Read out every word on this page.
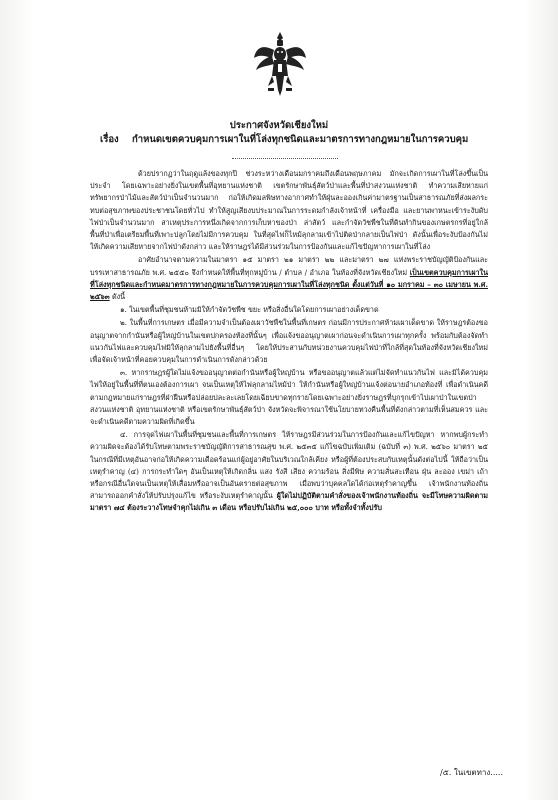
ประกาศจังหวัดเชียงใหม่
เรื่อง กำหนดเขตควบคุมการเผาในที่โล่งทุกชนิดและมาตรการทางกฎหมายในการควบคุม

ด้วยปรากฏว่าในฤดูแล้งของทุกปี ช่วงระหว่างเดือนมกราคมถึงเดือนพฤษภาคม มักจะเกิดการเผาในที่โล่งขึ้นเป็นประจำ โดยเฉพาะอย่างยิ่งในเขตพื้นที่อุทยานแห่งชาติ เขตรักษาพันธุ์สัตว์ป่าและพื้นที่ป่าสงวนแห่งชาติ ทำความเสียหายแก่ทรัพยากรป่าไม้และสัตว์ป่าเป็นจำนวนมาก ก่อให้เกิดมลพิษทางอากาศทำให้ฝุ่นละอองเกินค่ามาตรฐานเป็นสาธารณภัยที่ส่งผลกระทบต่อสุขภาพของประชาชนโดยทั่วไป ทำให้สูญเสียงบประมาณในการระดมกำลังเจ้าหน้าที่ เครื่องมือ และยานพาหนะเข้าระงับดับไฟป่าเป็นจำนวนมาก สาเหตุประการหนึ่งเกิดจากการเก็บหาของป่า ล่าสัตว์ และกำจัดวัชพืชในที่ดินทำกินของเกษตรกรที่อยู่ใกล้พื้นที่ป่าเพื่อเตรียมพื้นที่เพาะปลูกโดยไม่มีการควบคุม ในที่สุดไฟก็ไหม้ลุกลามเข้าไปติดป่ากลายเป็นไฟป่า ดังนั้นเพื่อระงับป้องกันไม่ให้เกิดความเสียหายจากไฟป่าดังกล่าว และให้ราษฎรได้มีส่วนร่วมในการป้องกันและแก้ไขปัญหาการเผาในที่โล่ง

อาศัยอำนาจตามความในมาตรา ๑๕ มาตรา ๒๑ มาตรา ๒๒ และมาตรา ๒๗ แห่งพระราชบัญญัติป้องกันและบรรเทาสาธารณภัย พ.ศ. ๒๕๕๐ จึงกำหนดให้พื้นที่ทุกหมู่บ้าน / ตำบล / อำเภอ ในท้องที่จังหวัดเชียงใหม่ เป็นเขตควบคุมการเผาในที่โล่งทุกชนิดและกำหนดมาตรการทางกฎหมายในการควบคุมการเผาในที่โล่งทุกชนิด ตั้งแต่วันที่ ๑๐ มกราคม – ๓๐ เมษายน พ.ศ. ๒๕๖๓ ดังนี้

๑. ในเขตพื้นที่ชุมชนห้ามมิให้กำจัดวัชพืช ขยะ หรือสิ่งอื่นใดโดยการเผาอย่างเด็ดขาด

๒. ในพื้นที่การเกษตร เมื่อมีความจำเป็นต้องเผาวัชพืชในพื้นที่เกษตร ก่อนมีการประกาศห้ามเผาเด็ดขาด ให้ราษฎรต้องขออนุญาตจากกำนันหรือผู้ใหญ่บ้านในเขตปกครองท้องที่นั้นๆ เพื่อแจ้งขออนุญาตเผาก่อนจะดำเนินการเผาทุกครั้ง พร้อมกับต้องจัดทำแนวกันไฟและควบคุมไฟมิให้ลุกลามไปยังพื้นที่อื่นๆ โดยให้ประสานกับหน่วยงานควบคุมไฟป่าที่ใกล้ที่สุดในท้องที่จังหวัดเชียงใหม่ เพื่อจัดเจ้าหน้าที่คอยควบคุมในการดำเนินการดังกล่าวด้วย

๓. หากราษฎรผู้ใดไม่แจ้งขออนุญาตต่อกำนันหรือผู้ใหญ่บ้าน หรือขออนุญาตแล้วแต่ไม่จัดทำแนวกันไฟ และมิได้ควบคุมไฟให้อยู่ในพื้นที่ที่ตนเองต้องการเผา จนเป็นเหตุให้ไฟลุกลามไหม้ป่า ให้กำนันหรือผู้ใหญ่บ้านแจ้งต่อนายอำเภอท้องที่ เพื่อดำเนินคดีตามกฎหมายแก่ราษฎรที่ฝ่าฝืนหรือปล่อยปละละเลยโดยเฉียบขาดทุกรายโดยเฉพาะอย่างยิ่งราษฎรที่บุกรุกเข้าไปเผาป่าในเขตป่าสงวนแห่งชาติ อุทยานแห่งชาติ หรือเขตรักษาพันธุ์สัตว์ป่า จังหวัดจะพิจารณาใช้นโยบายทวงคืนพื้นที่ดังกล่าวตามที่เห็นสมควร และจะดำเนินคดีตามความผิดที่เกิดขึ้น

๔. การจุดไฟเผาในพื้นที่ชุมชนและพื้นที่การเกษตร ให้ราษฎรมีส่วนร่วมในการป้องกันและแก้ไขปัญหา หากพบผู้กระทำความผิดจะต้องได้รับโทษตามพระราชบัญญัติการสาธารณสุข พ.ศ. ๒๕๓๕ แก้ไขฉบับเพิ่มเติม (ฉบับที่ ๓) พ.ศ. ๒๕๖๐ มาตรา ๒๕ ในกรณีที่มีเหตุอันอาจก่อให้เกิดความเดือดร้อนแก่ผู้อยู่อาศัยในบริเวณใกล้เคียง หรือผู้ที่ต้องประสบกับเหตุนั้นดังต่อไปนี้ ให้ถือว่าเป็นเหตุรำคาญ (๔) การกระทำใดๆ อันเป็นเหตุให้เกิดกลิ่น แสง รังสี เสียง ความร้อน สิ่งมีพิษ ความสั่นสะเทือน ฝุ่น ละออง เขม่า เถ้า หรือกรณีอื่นใดจนเป็นเหตุให้เสื่อมหรืออาจเป็นอันตรายต่อสุขภาพ เมื่อพบว่าบุคคลใดได้ก่อเหตุรำคาญขึ้น เจ้าพนักงานท้องถิ่นสามารถออกคำสั่งให้ปรับปรุงแก้ไข หรือระงับเหตุรำคาญนั้น ผู้ใดไม่ปฏิบัติตามคำสั่งของเจ้าพนักงานท้องถิ่น จะมีโทษความผิดตามมาตรา ๗๔ ต้องระวางโทษจำคุกไม่เกิน ๓ เดือน หรือปรับไม่เกิน ๒๕,๐๐๐ บาท หรือทั้งจำทั้งปรับ

/๕. ในเขตทาง.....
